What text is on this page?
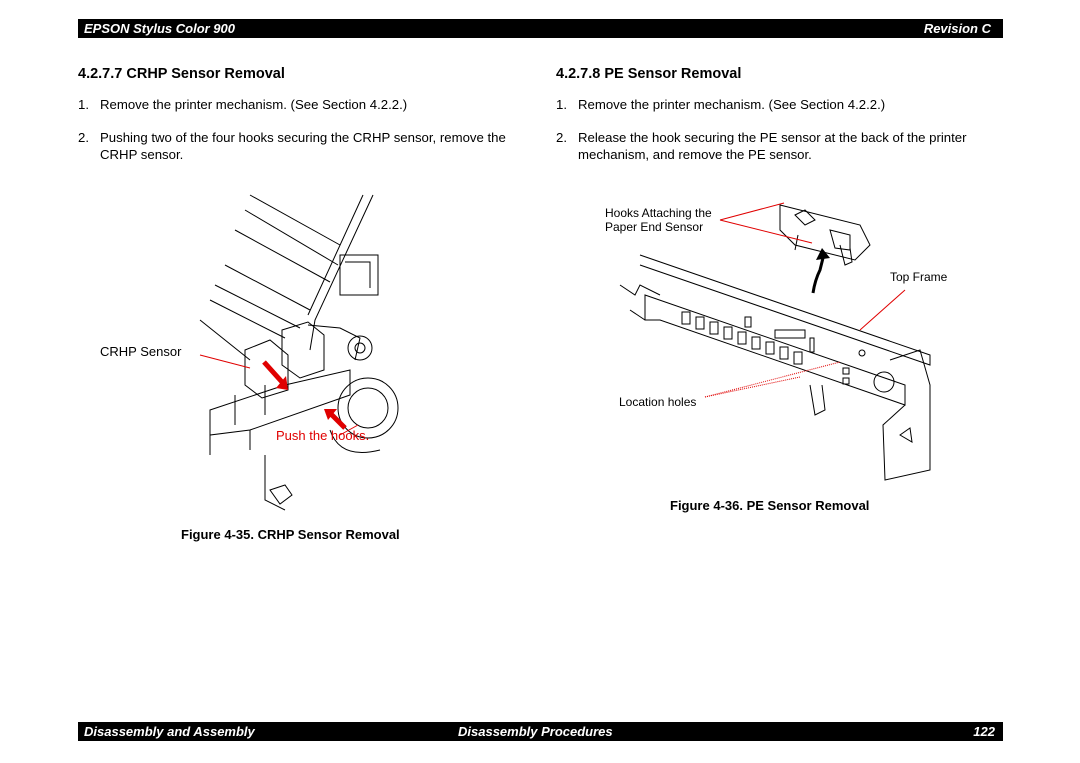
EPSON Stylus Color 900	Revision C
4.2.7.7 CRHP Sensor Removal
1. Remove the printer mechanism. (See Section 4.2.2.)
2. Pushing two of the four hooks securing the CRHP sensor, remove the CRHP sensor.
CRHP Sensor
Push the hooks.
Figure 4-35. CRHP Sensor Removal
4.2.7.8 PE Sensor Removal
1. Remove the printer mechanism. (See Section 4.2.2.)
2. Release the hook securing the PE sensor at the back of the printer mechanism, and remove the PE sensor.
Hooks Attaching the
Paper End Sensor
Top Frame
Location holes
Figure 4-36. PE Sensor Removal
Disassembly and Assembly	Disassembly Procedures	122
